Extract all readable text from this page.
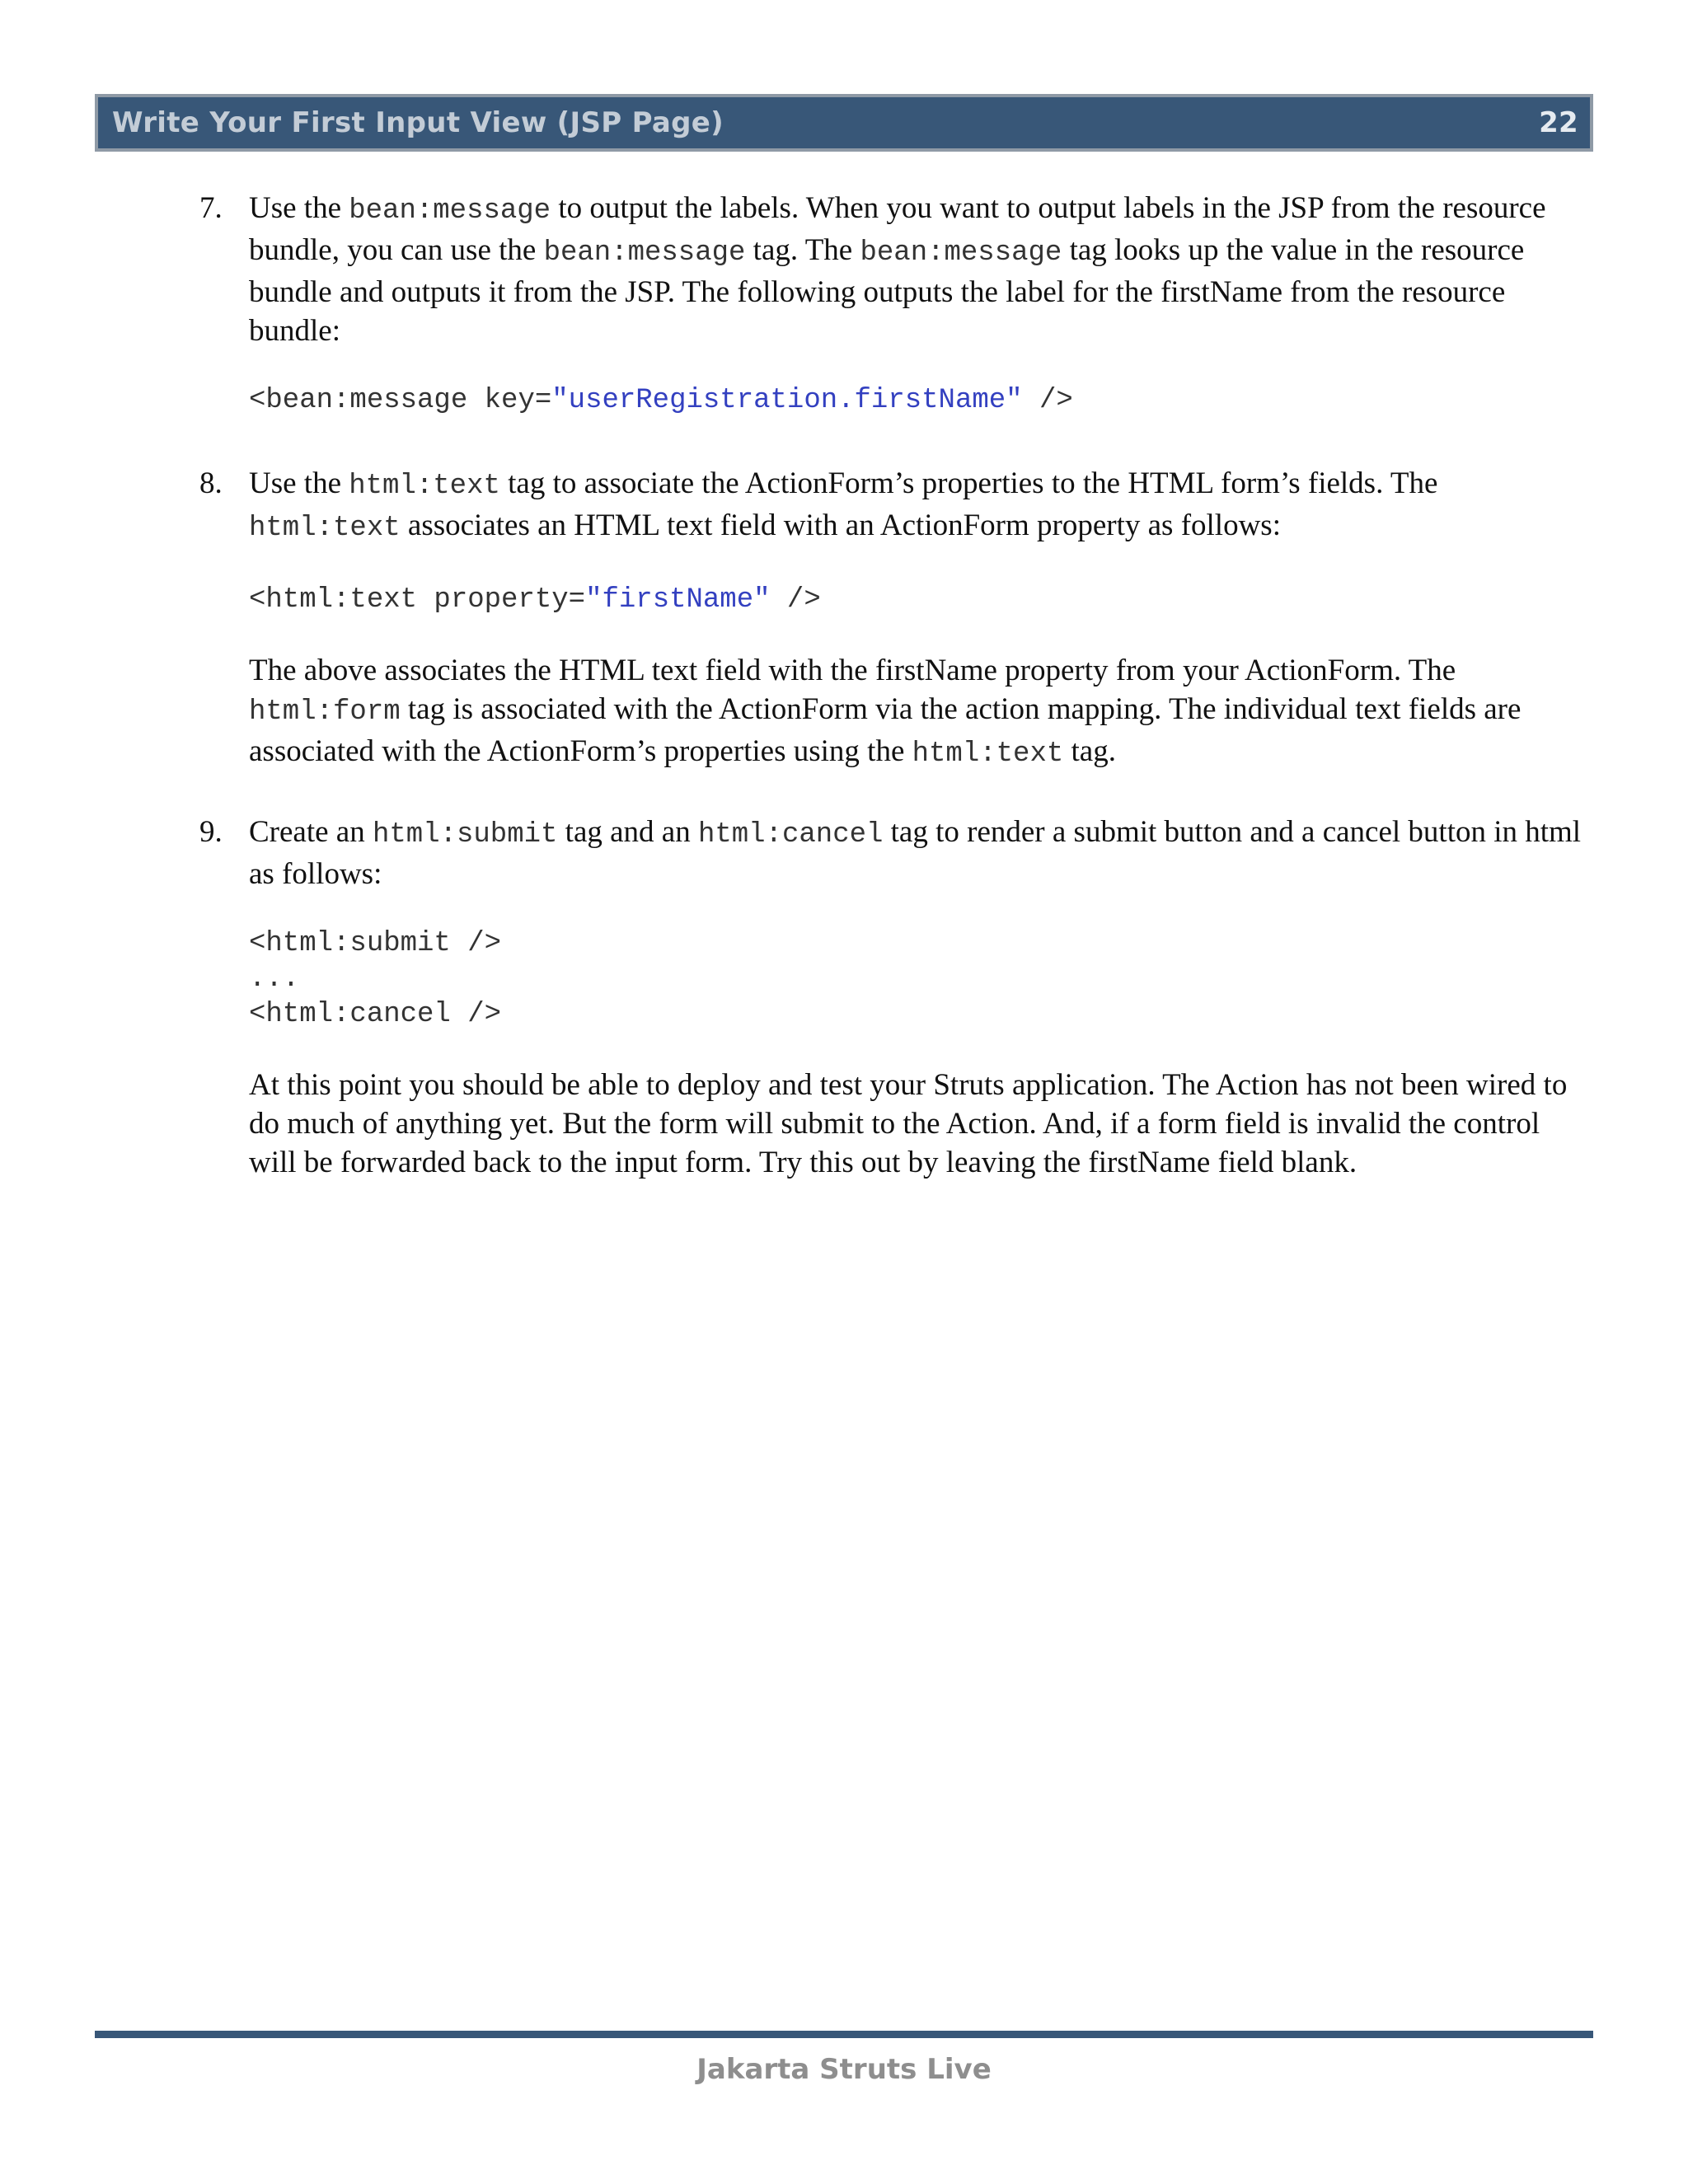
Write Your First Input View (JSP Page)	22
7. Use the bean:message to output the labels. When you want to output labels in the JSP from the resource bundle, you can use the bean:message tag. The bean:message tag looks up the value in the resource bundle and outputs it from the JSP. The following outputs the label for the firstName from the resource bundle:

<bean:message key="userRegistration.firstName" />
8. Use the html:text tag to associate the ActionForm’s properties to the HTML form’s fields. The html:text associates an HTML text field with an ActionForm property as follows:

<html:text property="firstName" />

The above associates the HTML text field with the firstName property from your ActionForm. The html:form tag is associated with the ActionForm via the action mapping. The individual text fields are associated with the ActionForm’s properties using the html:text tag.

9. Create an html:submit tag and an html:cancel tag to render a submit button and a cancel button in html as follows:

<html:submit />
...
<html:cancel />

At this point you should be able to deploy and test your Struts application. The Action has not been wired to do much of anything yet. But the form will submit to the Action. And, if a form field is invalid the control will be forwarded back to the input form. Try this out by leaving the firstName field blank.

Jakarta Struts Live
